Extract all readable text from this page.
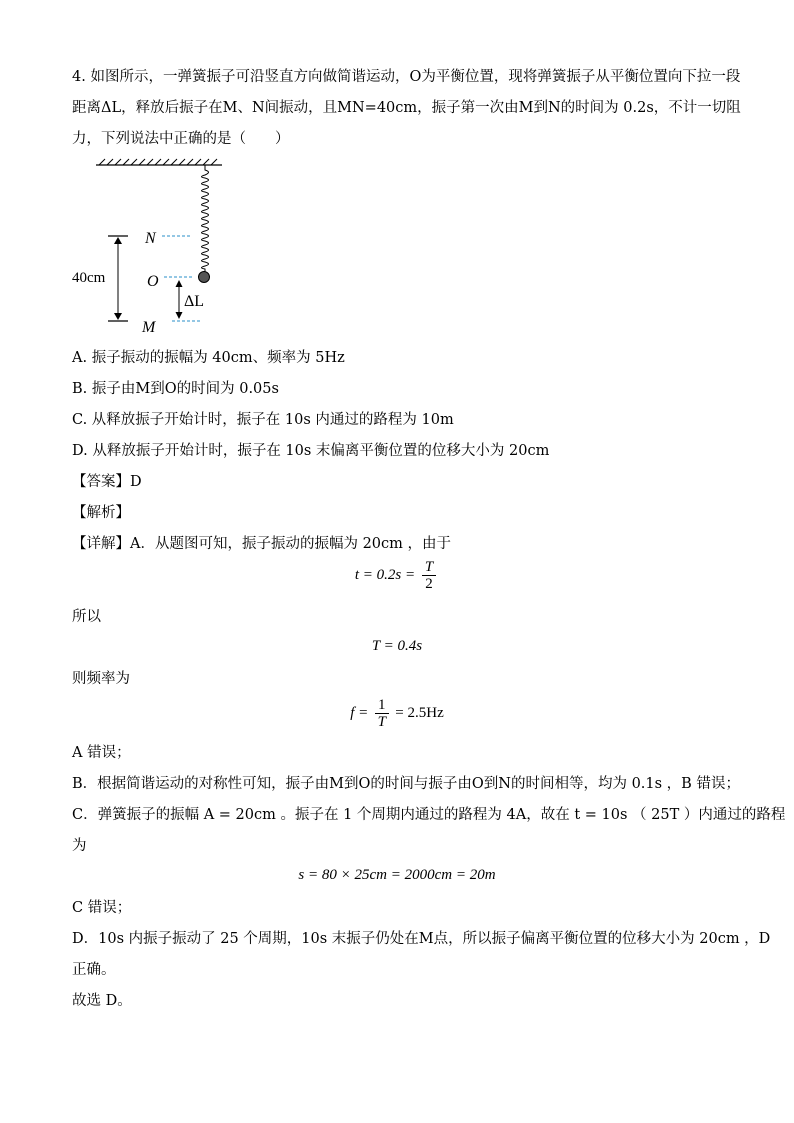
4. 如图所示，一弹簧振子可沿竖直方向做简谐运动，O为平衡位置，现将弹簧振子从平衡位置向下拉一段
距离ΔL，释放后振子在M、N间振动，且MN=40cm，振子第一次由M到N的时间为 0.2s，不计一切阻
力，下列说法中正确的是（　　）
N
O
M
40cm
ΔL
A. 振子振动的振幅为 40cm、频率为 5Hz
B. 振子由M到O的时间为 0.05s
C. 从释放振子开始计时，振子在 10s 内通过的路程为 10m
D. 从释放振子开始计时，振子在 10s 末偏离平衡位置的位移大小为 20cm
【答案】D
【解析】
【详解】A．从题图可知，振子振动的振幅为 20cm ，由于
$t = 0.2s = \frac{T}{2}$
所以
T = 0.4s
则频率为
$f = \frac{1}{T} = 2.5Hz$
A 错误；
B．根据简谐运动的对称性可知，振子由M到O的时间与振子由O到N的时间相等，均为 0.1s ，B 错误；
C．弹簧振子的振幅 A = 20cm 。振子在 1 个周期内通过的路程为 4A，故在 t = 10s （ 25T ）内通过的路程
为
s = 80 × 25cm = 2000cm = 20m
C 错误；
D．10s 内振子振动了 25 个周期，10s 末振子仍处在M点，所以振子偏离平衡位置的位移大小为 20cm ，D
正确。
故选 D。
